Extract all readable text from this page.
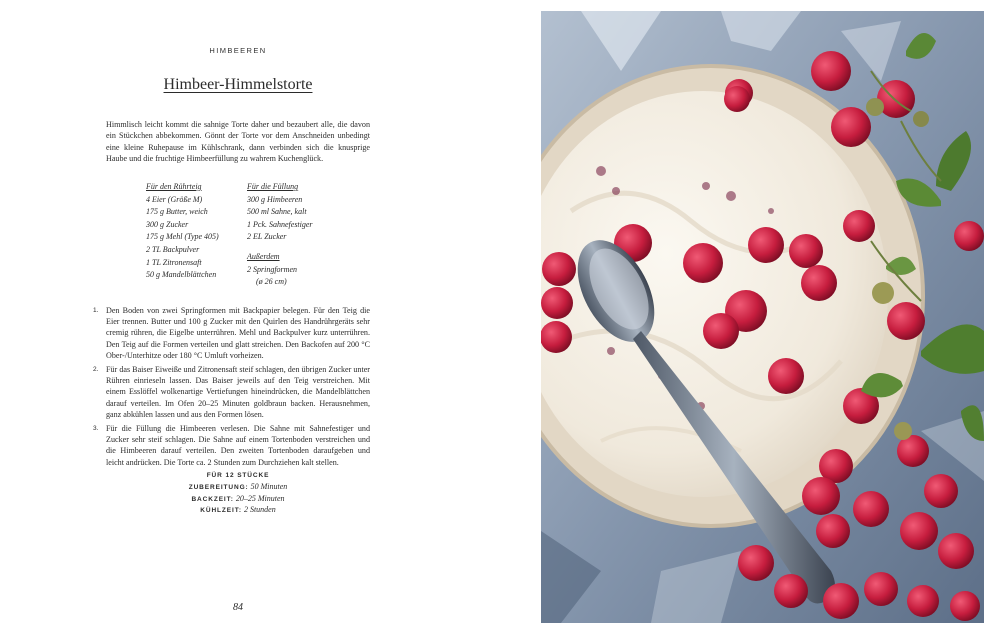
HIMBEEREN
Himbeer-Himmelstorte

Himmlisch leicht kommt die sahnige Torte daher und bezaubert alle, die davon ein Stückchen abbekommen. Gönnt der Torte vor dem Anschneiden unbedingt eine kleine Ruhepause im Kühlschrank, dann verbinden sich die knusprige Haube und die fruchtige Himbeerfüllung zu wahrem Kuchenglück.

Für den Rührteig
4 Eier (Größe M)
175 g Butter, weich
300 g Zucker
175 g Mehl (Type 405)
2 TL Backpulver
1 TL Zitronensaft
50 g Mandelblättchen
Für die Füllung
300 g Himbeeren
500 ml Sahne, kalt
1 Pck. Sahnefestiger
2 EL Zucker
Außerdem
2 Springformen
(ø 26 cm)
1. Den Boden von zwei Springformen mit Backpapier belegen. Für den Teig die Eier trennen. Butter und 100 g Zucker mit den Quirlen des Handrührgeräts sehr cremig rühren, die Eigelbe unterrühren. Mehl und Backpulver kurz unterrühren. Den Teig auf die Formen verteilen und glatt streichen. Den Backofen auf 200 °C Ober-/Unterhitze oder 180 °C Umluft vorheizen.
2. Für das Baiser Eiweiße und Zitronensaft steif schlagen, den übrigen Zucker unter Rühren einrieseln lassen. Das Baiser jeweils auf den Teig verstreichen. Mit einem Esslöffel wolkenartige Vertiefungen hineindrücken, die Mandelblättchen darauf verteilen. Im Ofen 20–25 Minuten goldbraun backen. Herausnehmen, ganz abkühlen lassen und aus den Formen lösen.
3. Für die Füllung die Himbeeren verlesen. Die Sahne mit Sahnefestiger und Zucker sehr steif schlagen. Die Sahne auf einem Tortenboden verstreichen und die Himbeeren darauf verteilen. Den zweiten Tortenboden daraufgeben und leicht andrücken. Die Torte ca. 2 Stunden zum Durchziehen kalt stellen.
FÜR 12 STÜCKE
ZUBEREITUNG: 50 Minuten
BACKZEIT: 20–25 Minuten
KÜHLZEIT: 2 Stunden
84
